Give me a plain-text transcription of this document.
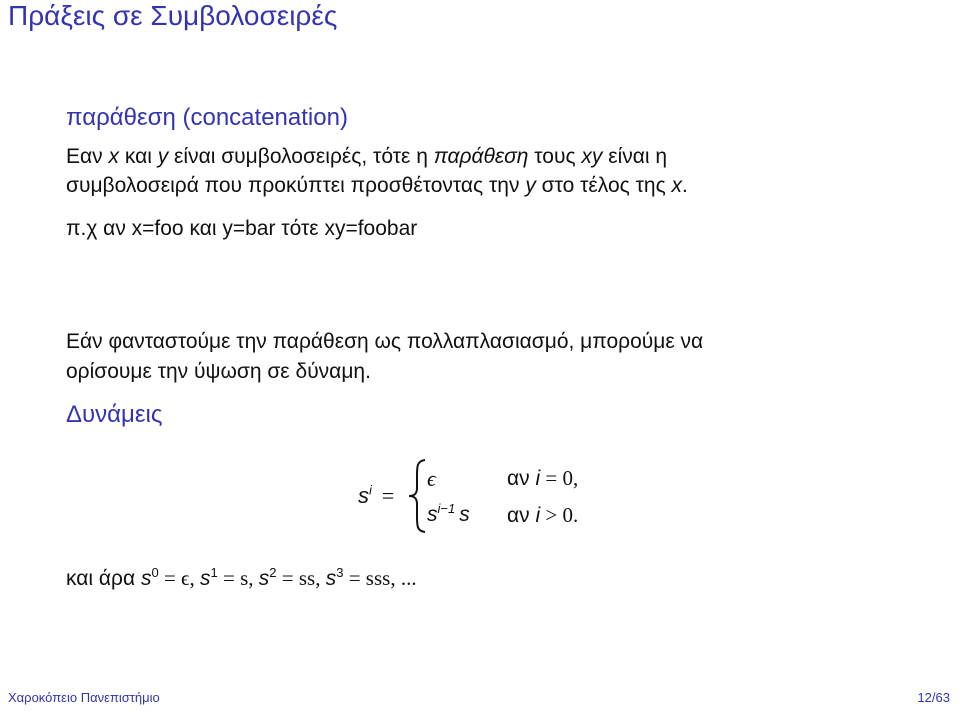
Πράξεις σε Συμβολοσειρές
παράθεση (concatenation)
Εαν x και y είναι συμβολοσειρές, τότε η παράθεση τους xy είναι η
συμβολοσειρά που προκύπτει προσθέτοντας την y στο τέλος της x.
π.χ αν x=foo και y=bar τότε xy=foobar
Εάν φανταστούμε την παράθεση ως πολλαπλασιασμό, μπορούμε να
ορίσουμε την ύψωση σε δύναμη.
Δυνάμεις
$s^i$ =
ϵ	αν i = 0,
$s^{i-1}$ s αν i > 0.
και άρα $s^0 = \epsilon$, $s^1 = s$, $s^2$ = ss, $s^3$ = sss, ...
Χαροκόπειο Πανεπιστήμιο	12/63
